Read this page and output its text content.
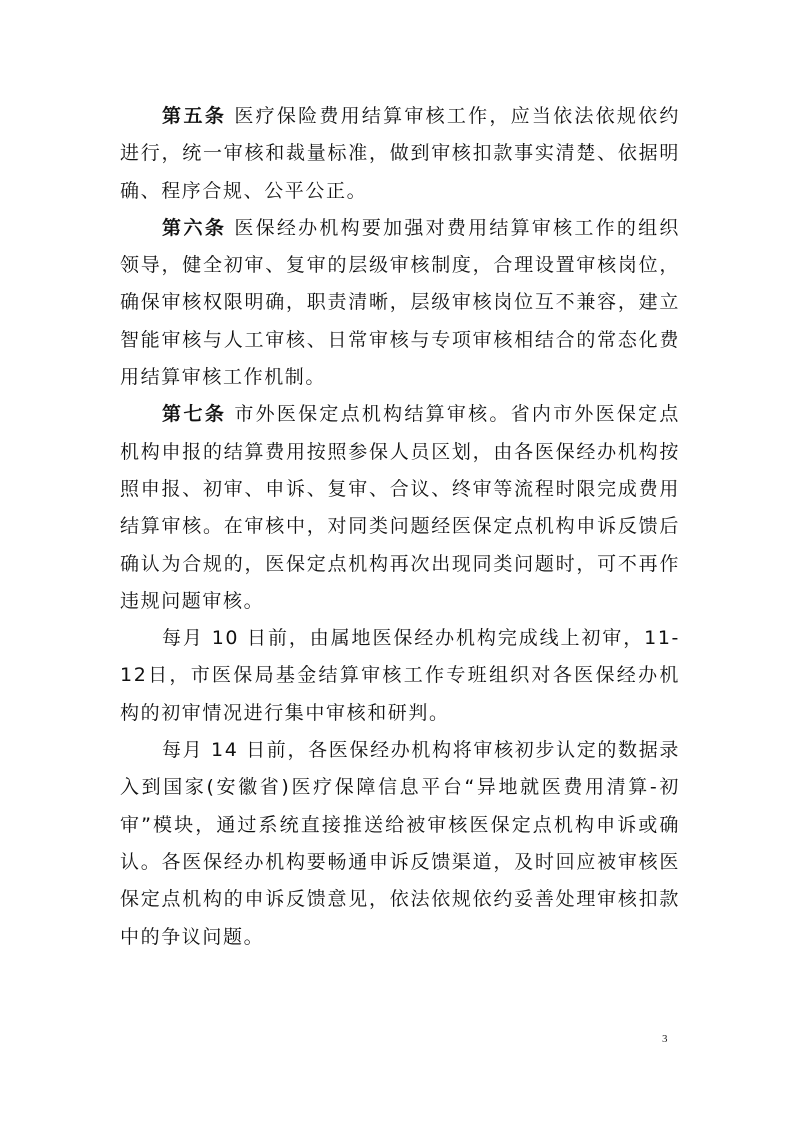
第五条 医疗保险费用结算审核工作，应当依法依规依约进行，统一审核和裁量标准，做到审核扣款事实清楚、依据明确、程序合规、公平公正。

第六条 医保经办机构要加强对费用结算审核工作的组织领导，健全初审、复审的层级审核制度，合理设置审核岗位，确保审核权限明确，职责清晰，层级审核岗位互不兼容，建立智能审核与人工审核、日常审核与专项审核相结合的常态化费用结算审核工作机制。

第七条 市外医保定点机构结算审核。省内市外医保定点机构申报的结算费用按照参保人员区划，由各医保经办机构按照申报、初审、申诉、复审、合议、终审等流程时限完成费用结算审核。在审核中，对同类问题经医保定点机构申诉反馈后确认为合规的，医保定点机构再次出现同类问题时，可不再作违规问题审核。

每月 10 日前，由属地医保经办机构完成线上初审，11-12日，市医保局基金结算审核工作专班组织对各医保经办机构的初审情况进行集中审核和研判。

每月 14 日前，各医保经办机构将审核初步认定的数据录入到国家(安徽省)医疗保障信息平台“异地就医费用清算-初审”模块，通过系统直接推送给被审核医保定点机构申诉或确认。各医保经办机构要畅通申诉反馈渠道，及时回应被审核医保定点机构的申诉反馈意见，依法依规依约妥善处理审核扣款中的争议问题。

3
